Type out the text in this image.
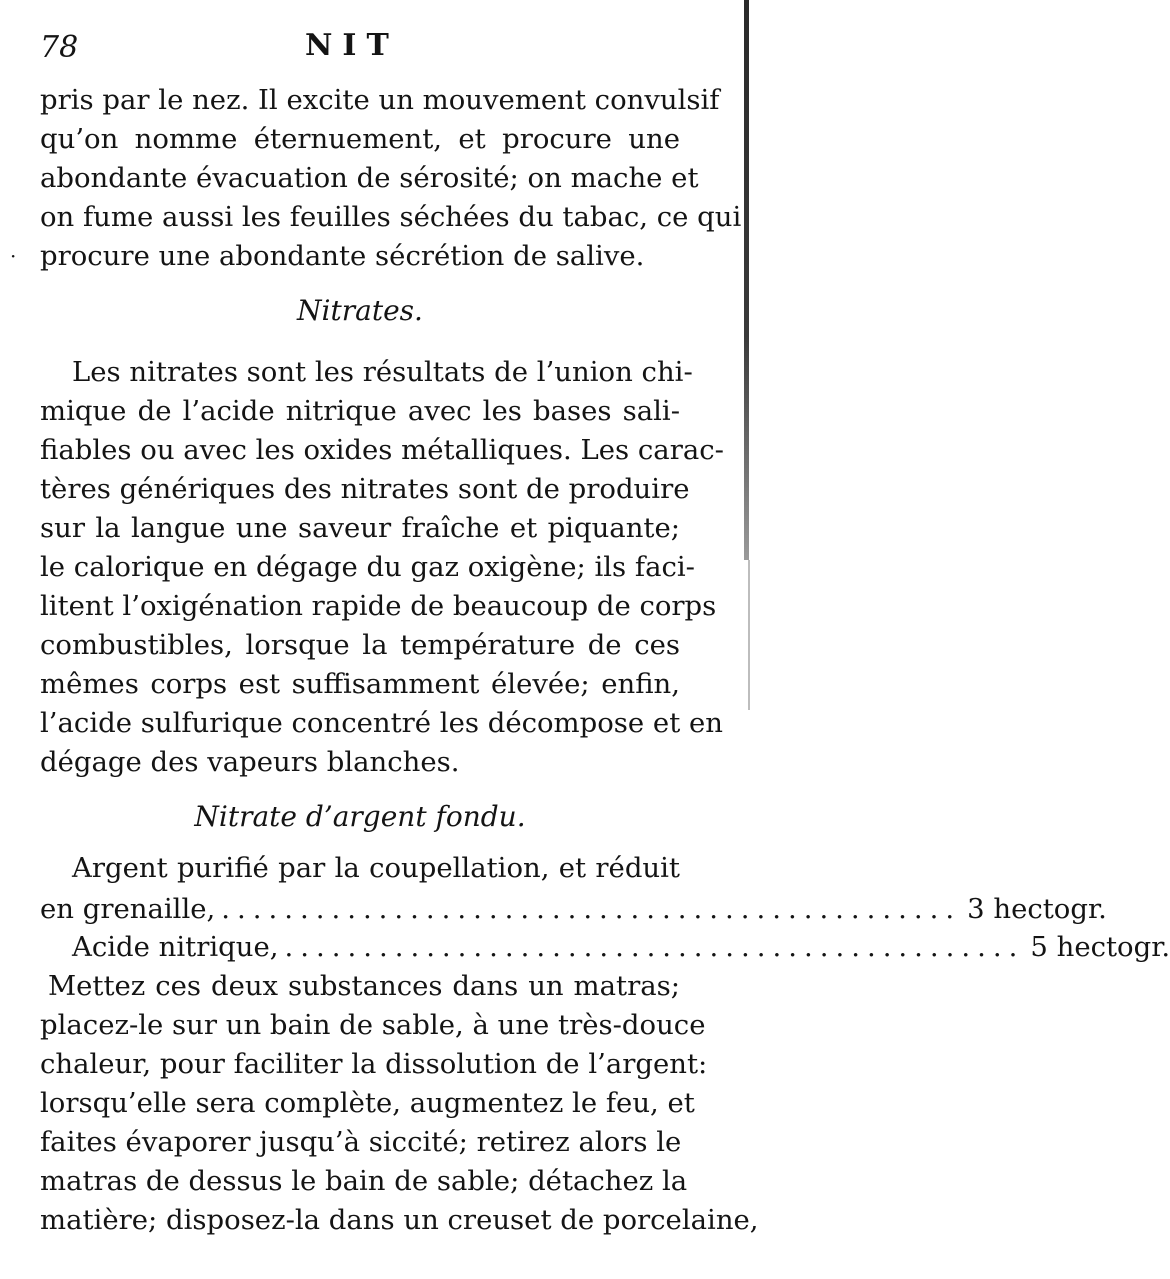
78	NIT
·
pris par le nez. Il excite un mouvement convulsif
qu’on nomme éternuement, et procure une
abondante évacuation de sérosité; on mache et
on fume aussi les feuilles séchées du tabac, ce qui
procure une abondante sécrétion de salive.
Nitrates.
Les nitrates sont les résultats de l’union chi-
mique de l’acide nitrique avec les bases sali-
fiables ou avec les oxides métalliques. Les carac-
tères génériques des nitrates sont de produire
sur la langue une saveur fraîche et piquante;
le calorique en dégage du gaz oxigène; ils faci-
litent l’oxigénation rapide de beaucoup de corps
combustibles, lorsque la température de ces
mêmes corps est suffisamment élevée; enfin,
l’acide sulfurique concentré les décompose et en
dégage des vapeurs blanches.
Nitrate d’argent fondu.
Argent purifié par la coupellation, et réduit
en grenaille, ............................................... 3 hectogr.
Acide nitrique, ............................................... 5 hectogr.
Mettez ces deux substances dans un matras;
placez-le sur un bain de sable, à une très-douce
chaleur, pour faciliter la dissolution de l’argent:
lorsqu’elle sera complète, augmentez le feu, et
faites évaporer jusqu’à siccité; retirez alors le
matras de dessus le bain de sable; détachez la
matière; disposez-la dans un creuset de porcelaine,
